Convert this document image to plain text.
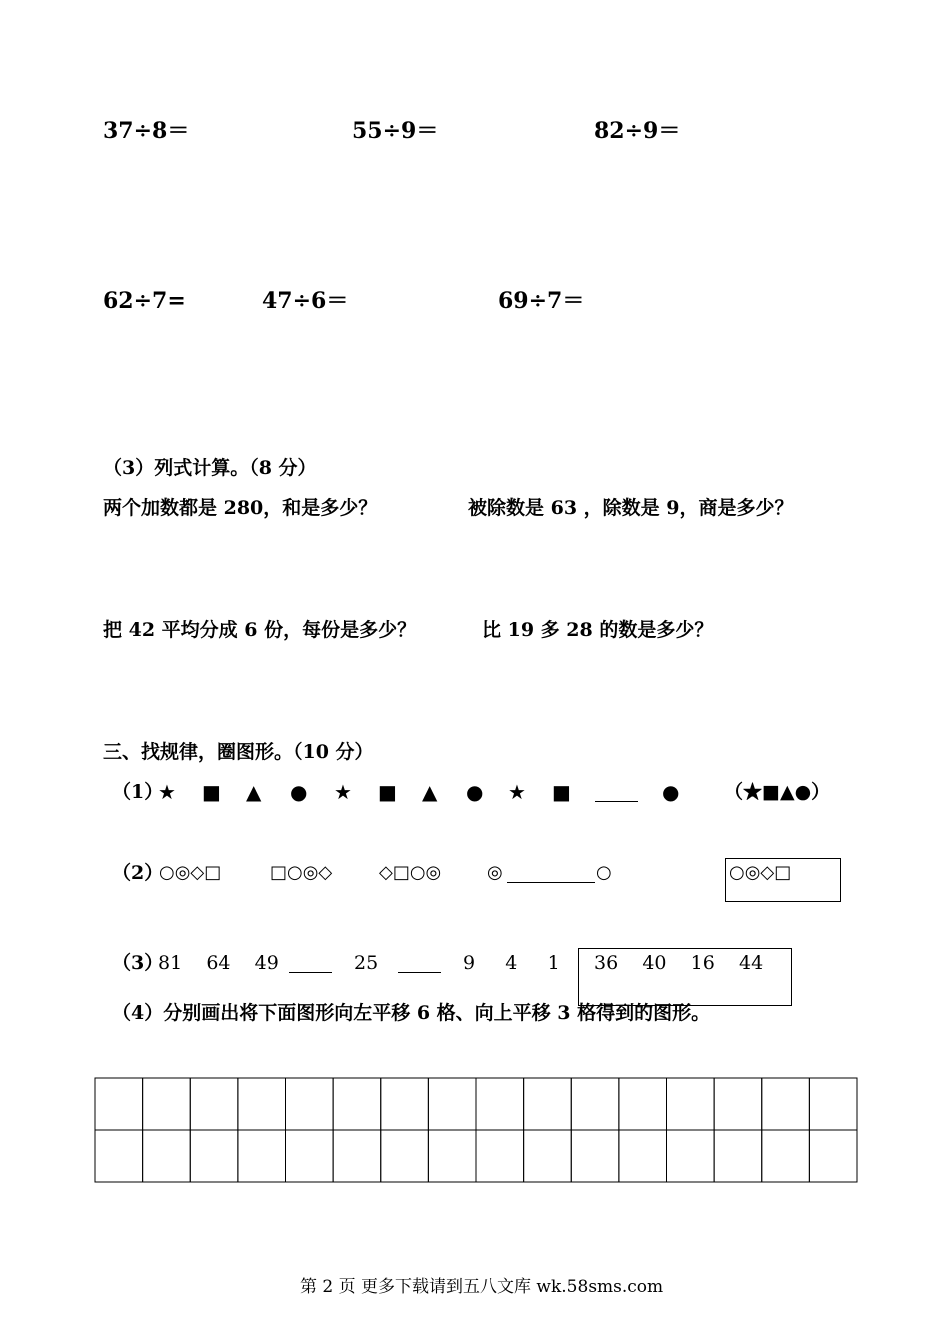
37÷8＝	55÷9＝	82÷9＝
62÷7=	47÷6＝	69÷7＝
（3）列式计算。（8 分）
两个加数都是 280，和是多少？	被除数是 63 ，除数是 9，商是多少？
把 42 平均分成 6 份，每份是多少？	比 19 多 28 的数是多少？
三、找规律，圈图形。（10 分）
（1）
★ ■ ▲ ● ★ ■ ▲ ● ★ ■	● （★■▲●）
（2）
○◎◇□	□○◎◇	◇□○◎	◎	○	○◎◇□
（3）
81    64    49	25	9     4     1 36    40    16    44
（4）分别画出将下面图形向左平移 6 格、向上平移 3 格得到的图形。
第 2 页 更多下载请到五八文库 wk.58sms.com
